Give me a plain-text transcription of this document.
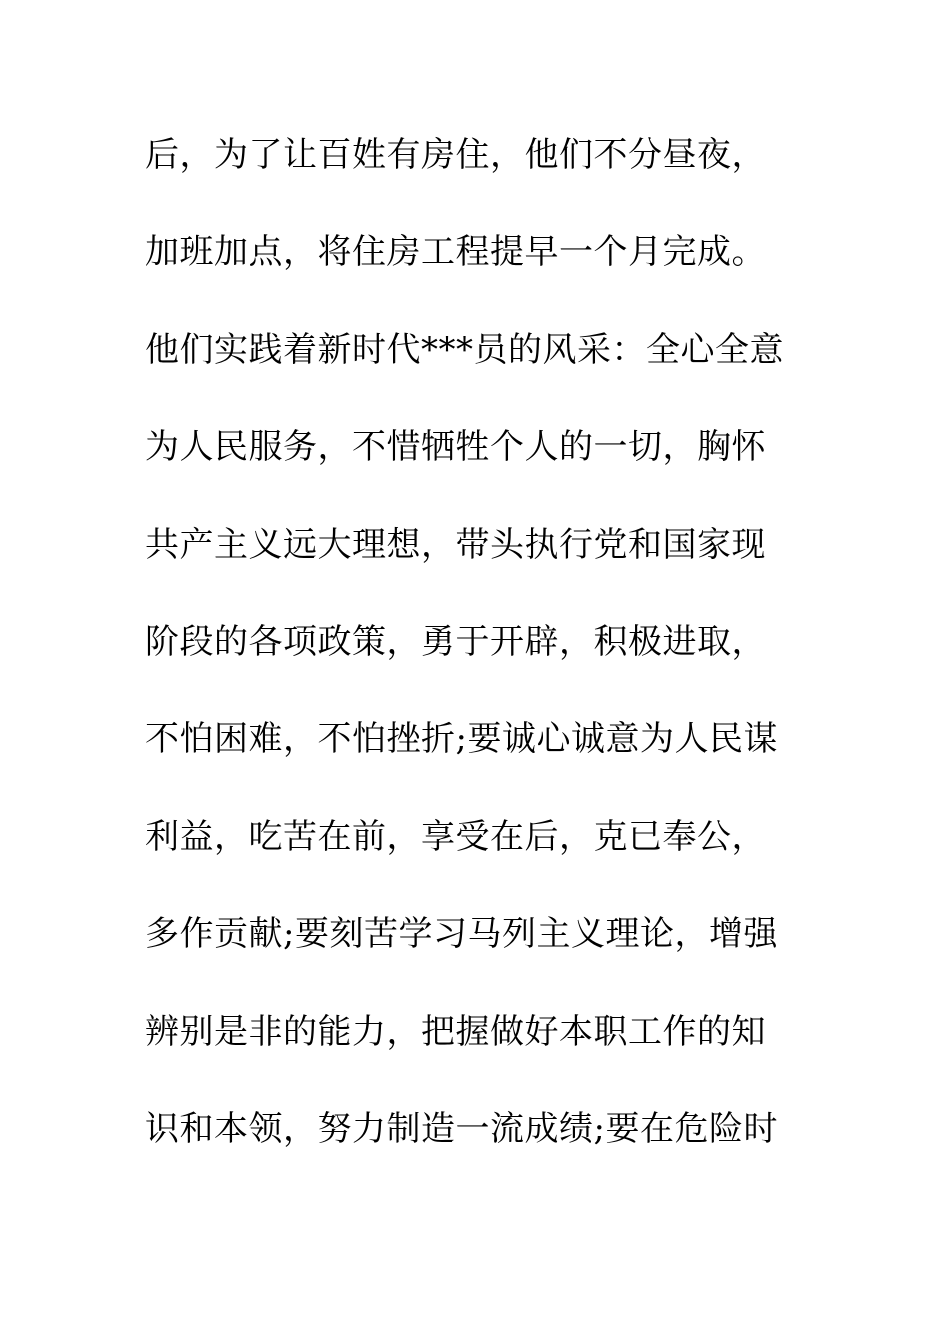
后，为了让百姓有房住，他们不分昼夜，
加班加点，将住房工程提早一个月完成。
他们实践着新时代***员的风采：全心全意
为人民服务，不惜牺牲个人的一切，胸怀
共产主义远大理想，带头执行党和国家现
阶段的各项政策，勇于开辟，积极进取，
不怕困难，不怕挫折;要诚心诚意为人民谋
利益，吃苦在前，享受在后，克已奉公，
多作贡献;要刻苦学习马列主义理论，增强
辨别是非的能力，把握做好本职工作的知
识和本领，努力制造一流成绩;要在危险时
